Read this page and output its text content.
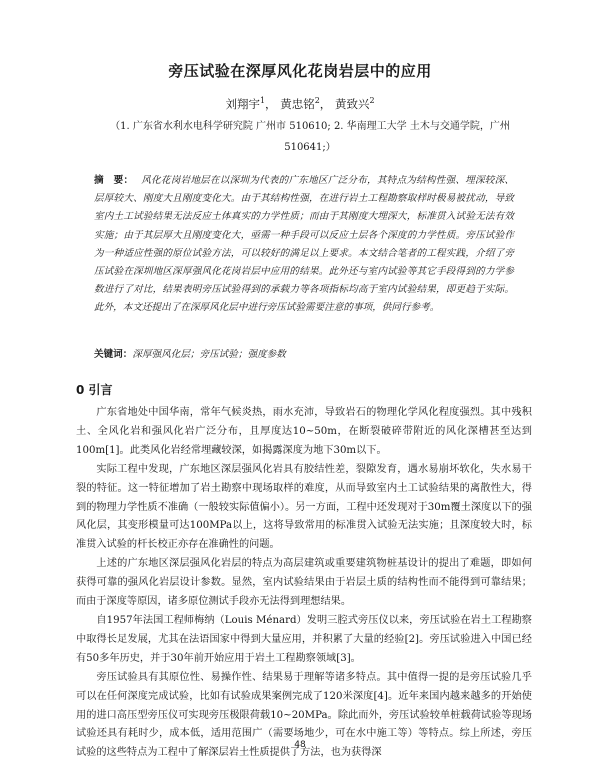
旁压试验在深厚风化花岗岩层中的应用
刘翔宇$^1$， 黄忠铭$^2$， 黄致兴$^2$
（1. 广东省水利水电科学研究院 广州市 510610; 2. 华南理工大学 土木与交通学院，广州
510641;）

摘　要： 风化花岗岩地层在以深圳为代表的广东地区广泛分布，其特点为结构性强、埋深较深、层厚较大、刚度大且刚度变化大。由于其结构性强，在进行岩土工程勘察取样时极易被扰动，导致室内土工试验结果无法反应土体真实的力学性质；而由于其刚度大埋深大，标准贯入试验无法有效实施；由于其层厚大且刚度变化大，亟需一种手段可以反应土层各个深度的力学性质。旁压试验作为一种适应性强的原位试验方法，可以较好的满足以上要求。本文结合笔者的工程实践，介绍了旁压试验在深圳地区深厚强风化花岗岩层中应用的结果。此外还与室内试验等其它手段得到的力学参数进行了对比，结果表明旁压试验得到的承载力等各项指标均高于室内试验结果，即更趋于实际。此外，本文还提出了在深厚风化层中进行旁压试验需要注意的事项，供同行参考。

关键词：深厚强风化层；旁压试验；强度参数

0 引言

广东省地处中国华南，常年气候炎热，雨水充沛，导致岩石的物理化学风化程度强烈。其中残积土、全风化岩和强风化岩广泛分布，且厚度达10~50m，在断裂破碎带附近的风化深槽甚至达到100m[1]。此类风化岩经常埋藏较深，如揭露深度为地下30m以下。

实际工程中发现，广东地区深层强风化岩具有胶结性差，裂隙发育，遇水易崩坏软化，失水易干裂的特征。这一特征增加了岩土勘察中现场取样的难度，从而导致室内土工试验结果的离散性大，得到的物理力学性质不准确（一般较实际值偏小）。另一方面，工程中还发现对于30m覆土深度以下的强风化层，其变形模量可达100MPa以上，这将导致常用的标准贯入试验无法实施；且深度较大时，标准贯入试验的杆长校正亦存在准确性的问题。

上述的广东地区深层强风化岩层的特点为高层建筑或重要建筑物桩基设计的提出了难题，即如何获得可靠的强风化岩层设计参数。显然，室内试验结果由于岩层土质的结构性而不能得到可靠结果；而由于深度等原因，诸多原位测试手段亦无法得到理想结果。

自1957年法国工程师梅纳（Louis Ménard）发明三腔式旁压仪以来，旁压试验在岩土工程勘察中取得长足发展，尤其在法语国家中得到大量应用，并积累了大量的经验[2]。旁压试验进入中国已经有50多年历史，并于30年前开始应用于岩土工程勘察领域[3]。

旁压试验具有其原位性、易操作性、结果易于理解等诸多特点。其中值得一提的是旁压试验几乎可以在任何深度完成试验，比如有试验成果案例完成了120米深度[4]。近年来国内越来越多的开始使用的进口高压型旁压仪可实现旁压极限荷载10~20MPa。除此而外，旁压试验较单桩载荷试验等现场试验还具有耗时少，成本低，适用范围广（需要场地少，可在水中施工等）等特点。综上所述，旁压试验的这些特点为工程中了解深层岩土性质提供了方法，也为获得深

48
